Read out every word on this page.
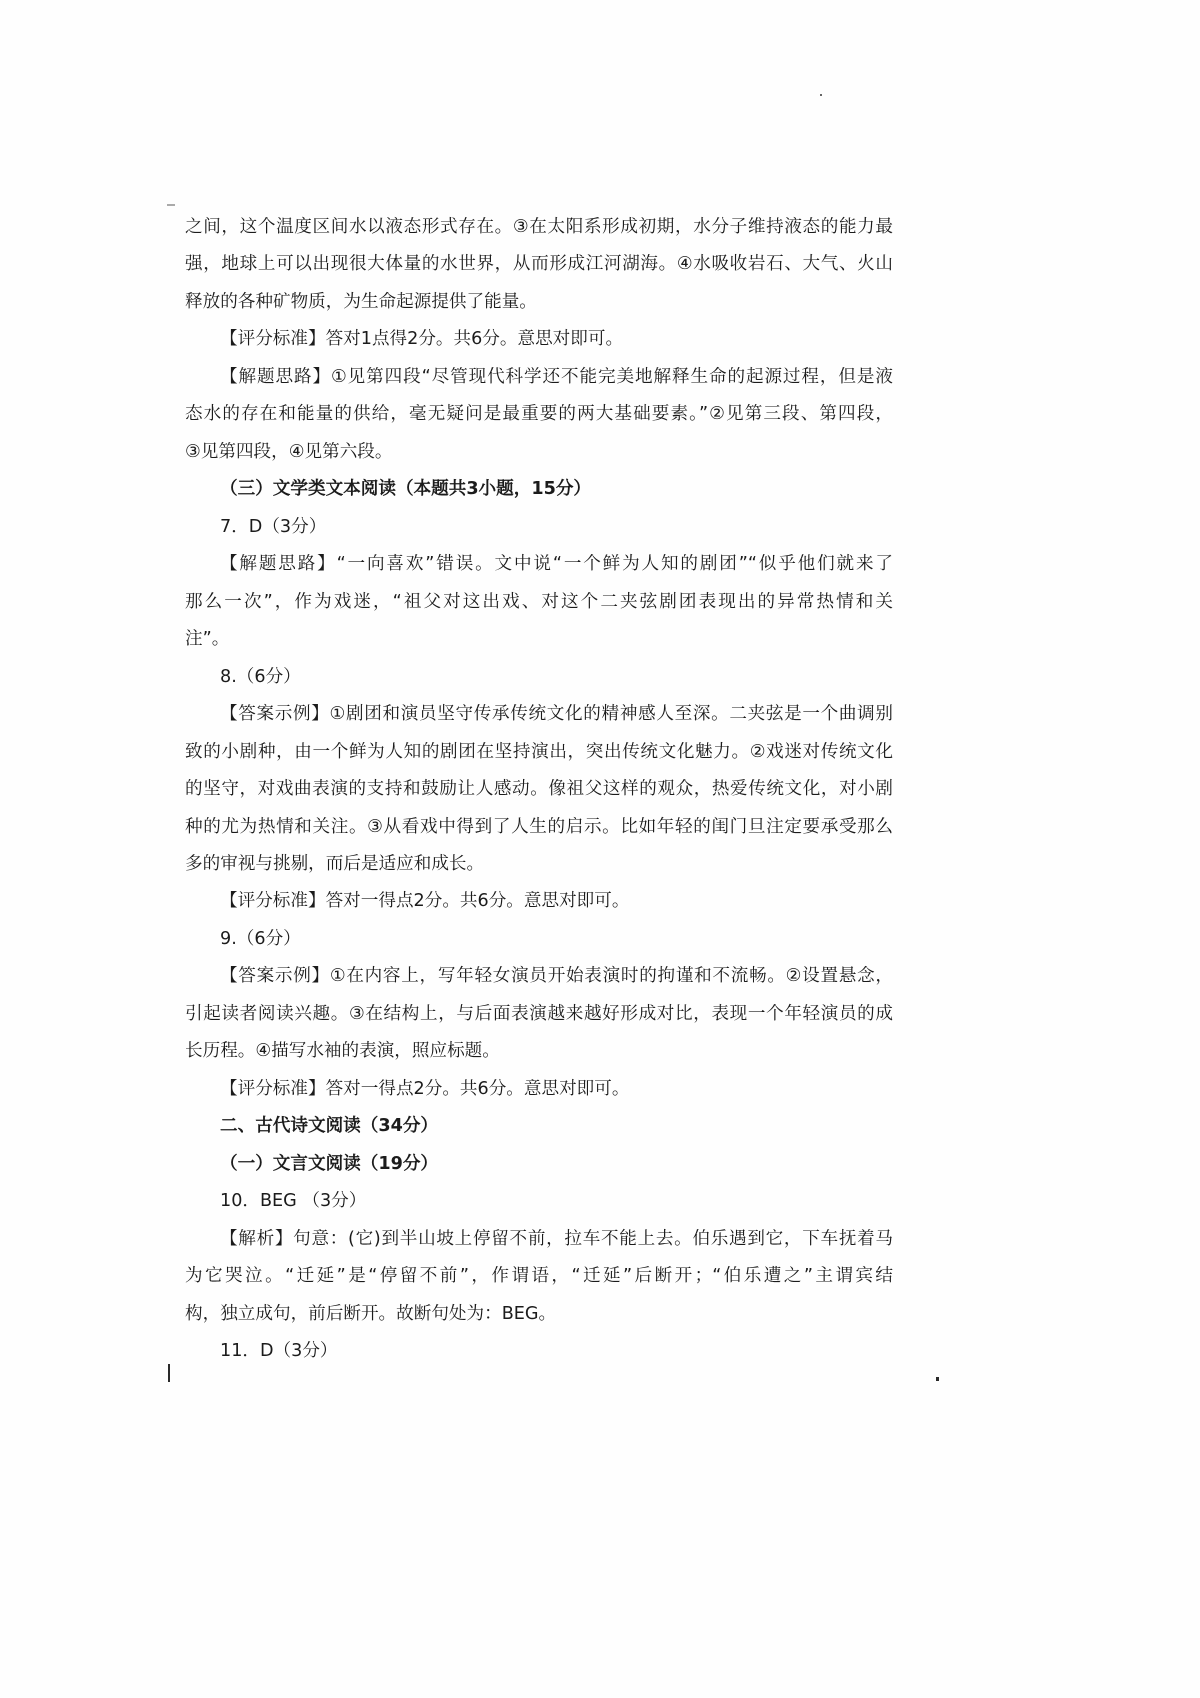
之间，这个温度区间水以液态形式存在。③在太阳系形成初期，水分子维持液态的能力最
强，地球上可以出现很大体量的水世界，从而形成江河湖海。④水吸收岩石、大气、火山
释放的各种矿物质，为生命起源提供了能量。
【评分标准】答对1点得2分。共6分。意思对即可。
【解题思路】①见第四段“尽管现代科学还不能完美地解释生命的起源过程，但是液
态水的存在和能量的供给，毫无疑问是最重要的两大基础要素。”②见第三段、第四段，
③见第四段，④见第六段。
（三）文学类文本阅读（本题共3小题，15分）
7．D（3分）
【解题思路】“一向喜欢”错误。文中说“一个鲜为人知的剧团”“似乎他们就来了
那么一次”，作为戏迷，“祖父对这出戏、对这个二夹弦剧团表现出的异常热情和关
注”。
8.（6分）
【答案示例】①剧团和演员坚守传承传统文化的精神感人至深。二夹弦是一个曲调别
致的小剧种，由一个鲜为人知的剧团在坚持演出，突出传统文化魅力。②戏迷对传统文化
的坚守，对戏曲表演的支持和鼓励让人感动。像祖父这样的观众，热爱传统文化，对小剧
种的尤为热情和关注。③从看戏中得到了人生的启示。比如年轻的闺门旦注定要承受那么
多的审视与挑剔，而后是适应和成长。
【评分标准】答对一得点2分。共6分。意思对即可。
9.（6分）
【答案示例】①在内容上，写年轻女演员开始表演时的拘谨和不流畅。②设置悬念，
引起读者阅读兴趣。③在结构上，与后面表演越来越好形成对比，表现一个年轻演员的成
长历程。④描写水袖的表演，照应标题。
【评分标准】答对一得点2分。共6分。意思对即可。
二、古代诗文阅读（34分）
（一）文言文阅读（19分）
10．BEG （3分）
【解析】句意：(它)到半山坡上停留不前，拉车不能上去。伯乐遇到它，下车抚着马
为它哭泣。“迁延”是“停留不前”，作谓语，“迁延”后断开；“伯乐遭之”主谓宾结
构，独立成句，前后断开。故断句处为：BEG。
11．D（3分）
